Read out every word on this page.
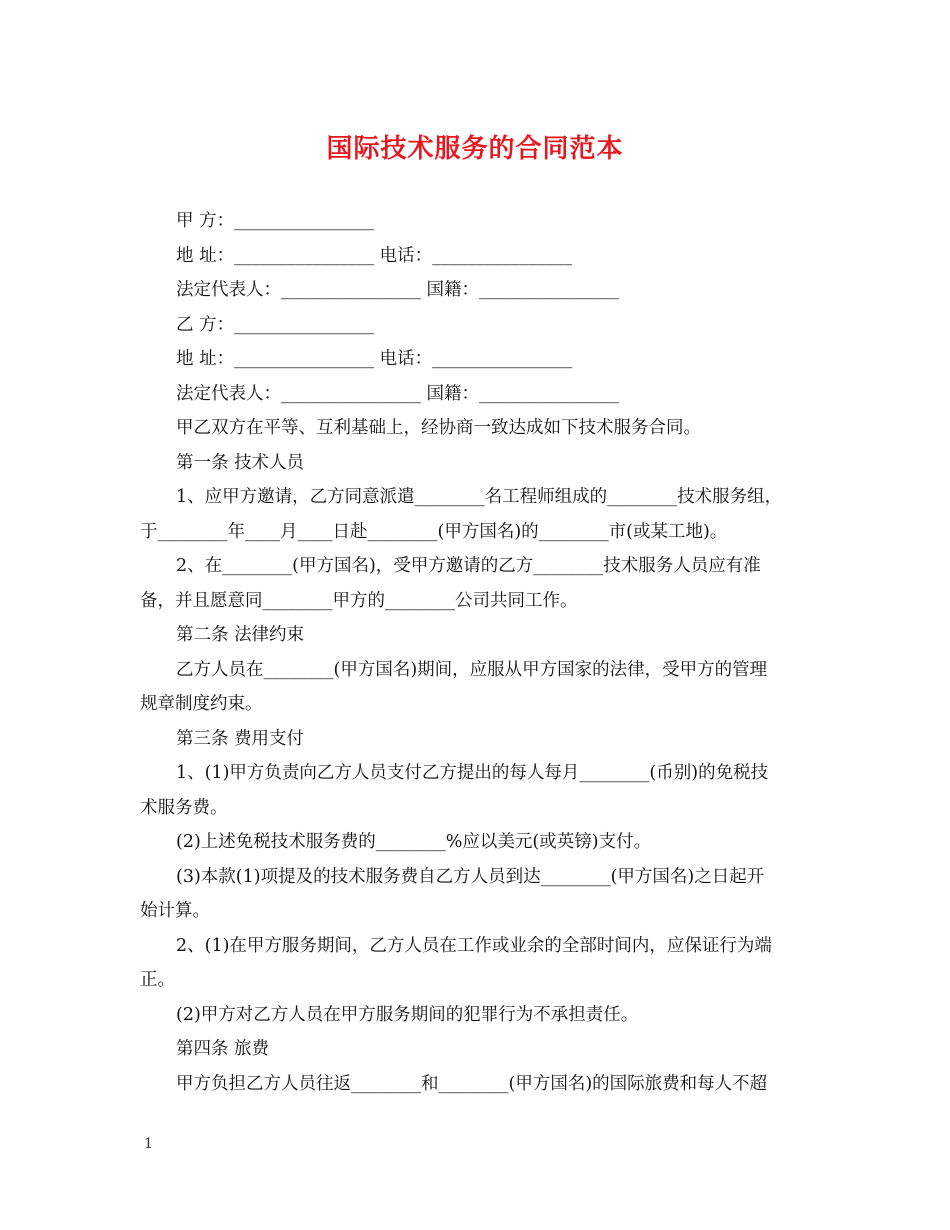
国际技术服务的合同范本
甲 方：________________
地 址：________________ 电话：________________
法定代表人：________________ 国籍：________________
乙 方：________________
地 址：________________ 电话：________________
法定代表人：________________ 国籍：________________
甲乙双方在平等、互利基础上，经协商一致达成如下技术服务合同。
第一条 技术人员
1、应甲方邀请，乙方同意派遣________名工程师组成的________技术服务组，
于________年____月____日赴________(甲方国名)的________市(或某工地)。
2、在________(甲方国名)，受甲方邀请的乙方________技术服务人员应有准
备，并且愿意同________甲方的________公司共同工作。
第二条 法律约束
乙方人员在________(甲方国名)期间，应服从甲方国家的法律，受甲方的管理
规章制度约束。
第三条 费用支付
1、(1)甲方负责向乙方人员支付乙方提出的每人每月________(币别)的免税技
术服务费。
(2)上述免税技术服务费的________%应以美元(或英镑)支付。
(3)本款(1)项提及的技术服务费自乙方人员到达________(甲方国名)之日起开
始计算。
2、(1)在甲方服务期间，乙方人员在工作或业余的全部时间内，应保证行为端
正。
(2)甲方对乙方人员在甲方服务期间的犯罪行为不承担责任。
第四条 旅费
甲方负担乙方人员往返________和________(甲方国名)的国际旅费和每人不超
1
